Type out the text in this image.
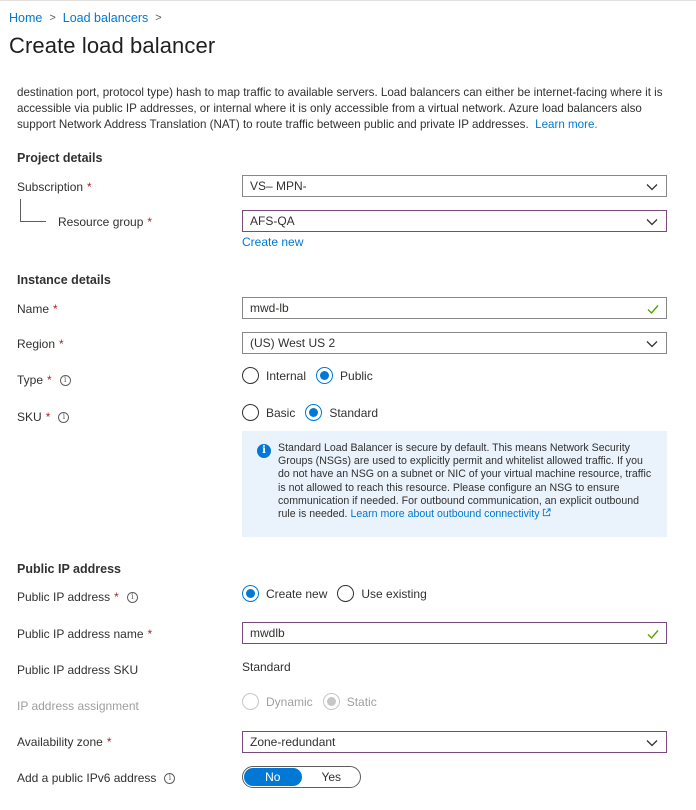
Home > Load balancers >
Create load balancer
destination port, protocol type) hash to map traffic to available servers. Load balancers can either be internet-facing where it is accessible via public IP addresses, or internal where it is only accessible from a virtual network. Azure load balancers also support Network Address Translation (NAT) to route traffic between public and private IP addresses. Learn more.
Project details
Subscription *	VS– MPN-
Resource group *	AFS-QA
Create new
Instance details
Name *	mwd-lb
Region *	(US) West US 2
Type *	i	Internal	Public
SKU *	i	Basic	Standard
i	Standard Load Balancer is secure by default. This means Network Security Groups (NSGs) are used to explicitly permit and whitelist allowed traffic. If you do not have an NSG on a subnet or NIC of your virtual machine resource, traffic is not allowed to reach this resource. Please configure an NSG to ensure communication if needed. For outbound communication, an explicit outbound rule is needed. Learn more about outbound connectivity
Public IP address
Public IP address *	i	Create new	Use existing
Public IP address name *	mwdlb
Public IP address SKU	Standard
IP address assignment	Dynamic	Static
Availability zone *	Zone-redundant
Add a public IPv6 address	i	No	Yes
